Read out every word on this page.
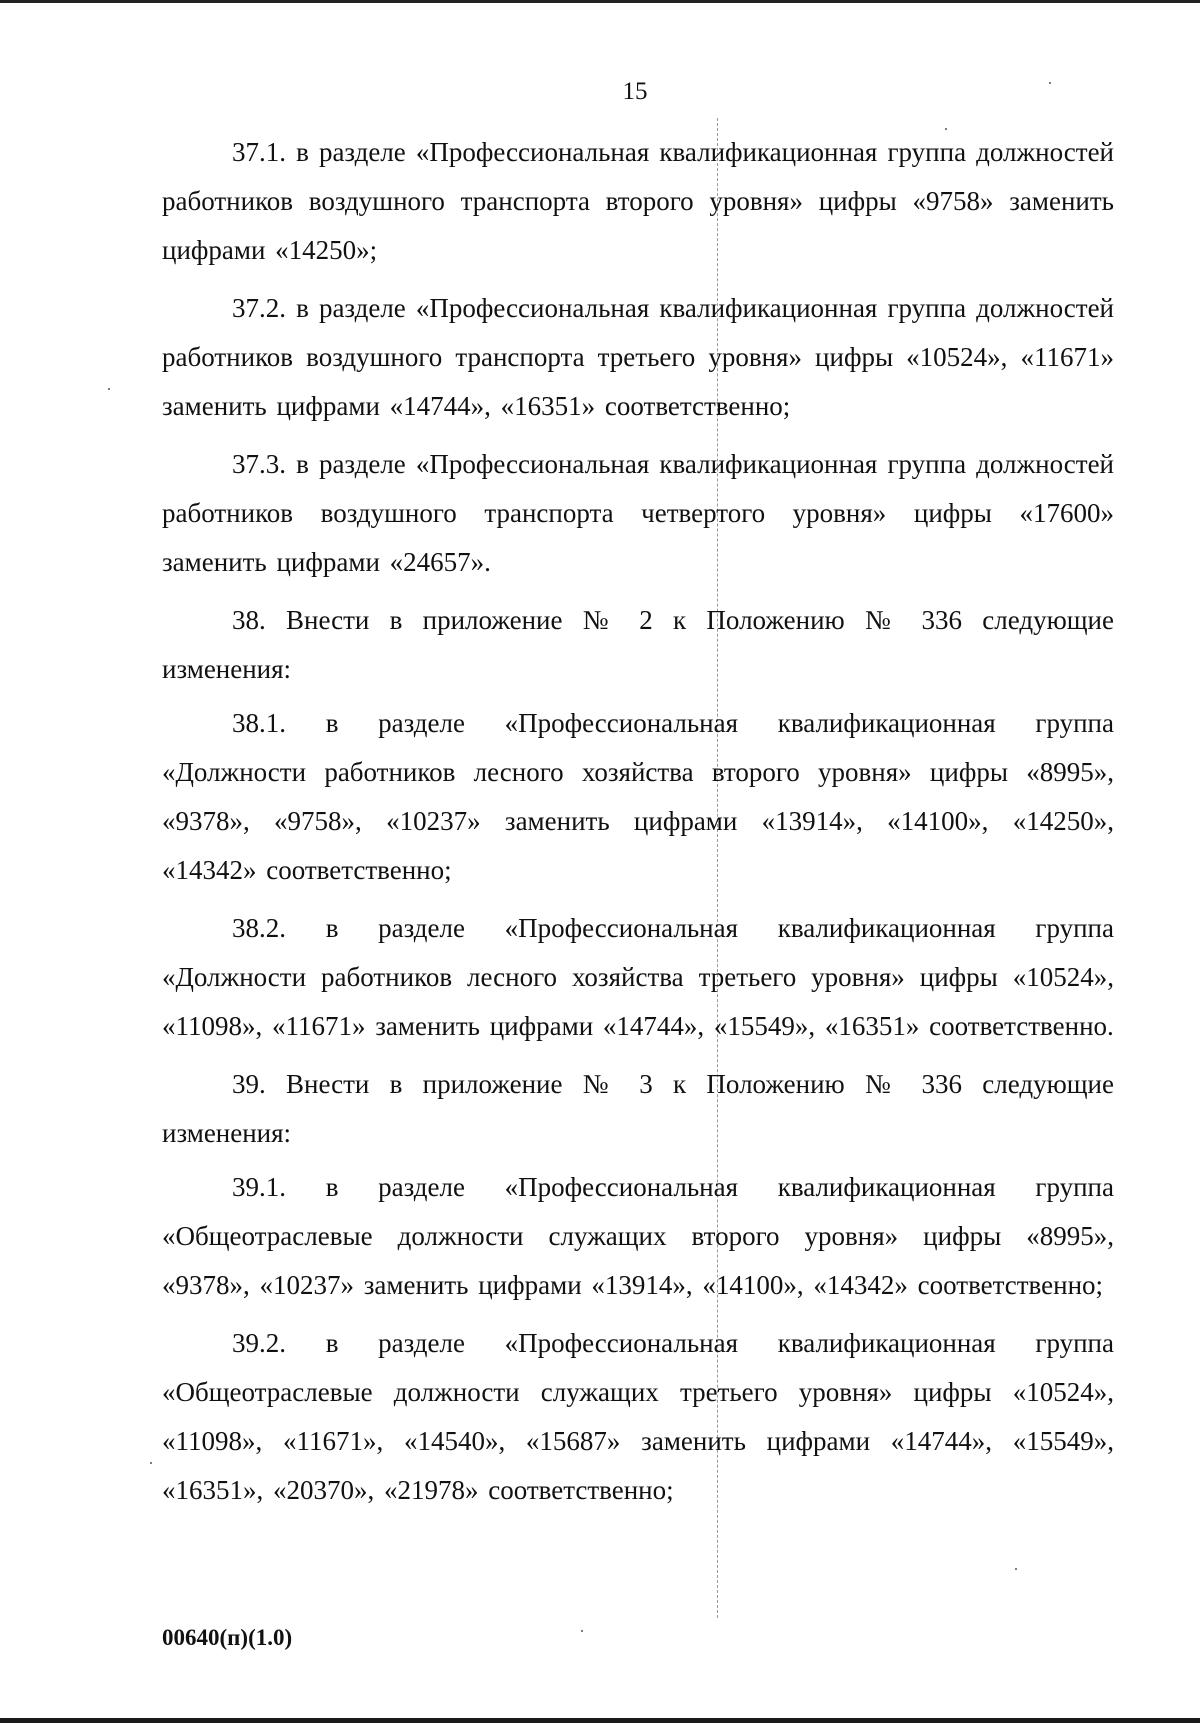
15

37.1. в разделе «Профессиональная квалификационная группа должностей работников воздушного транспорта второго уровня» цифры «9758» заменить цифрами «14250»;

37.2. в разделе «Профессиональная квалификационная группа должностей работников воздушного транспорта третьего уровня» цифры «10524», «11671» заменить цифрами «14744», «16351» соответственно;

37.3. в разделе «Профессиональная квалификационная группа должностей работников воздушного транспорта четвертого уровня» цифры «17600» заменить цифрами «24657».

38. Внести в приложение № 2 к Положению № 336 следующие изменения:

38.1. в разделе «Профессиональная квалификационная группа «Должности работников лесного хозяйства второго уровня» цифры «8995», «9378», «9758», «10237» заменить цифрами «13914», «14100», «14250», «14342» соответственно;

38.2. в разделе «Профессиональная квалификационная группа «Должности работников лесного хозяйства третьего уровня» цифры «10524», «11098», «11671» заменить цифрами «14744», «15549», «16351» соответственно.

39. Внести в приложение № 3 к Положению № 336 следующие изменения:

39.1. в разделе «Профессиональная квалификационная группа «Общеотраслевые должности служащих второго уровня» цифры «8995», «9378», «10237» заменить цифрами «13914», «14100», «14342» соответственно;

39.2. в разделе «Профессиональная квалификационная группа «Общеотраслевые должности служащих третьего уровня» цифры «10524», «11098», «11671», «14540», «15687» заменить цифрами «14744», «15549», «16351», «20370», «21978» соответственно;

00640(п)(1.0)
